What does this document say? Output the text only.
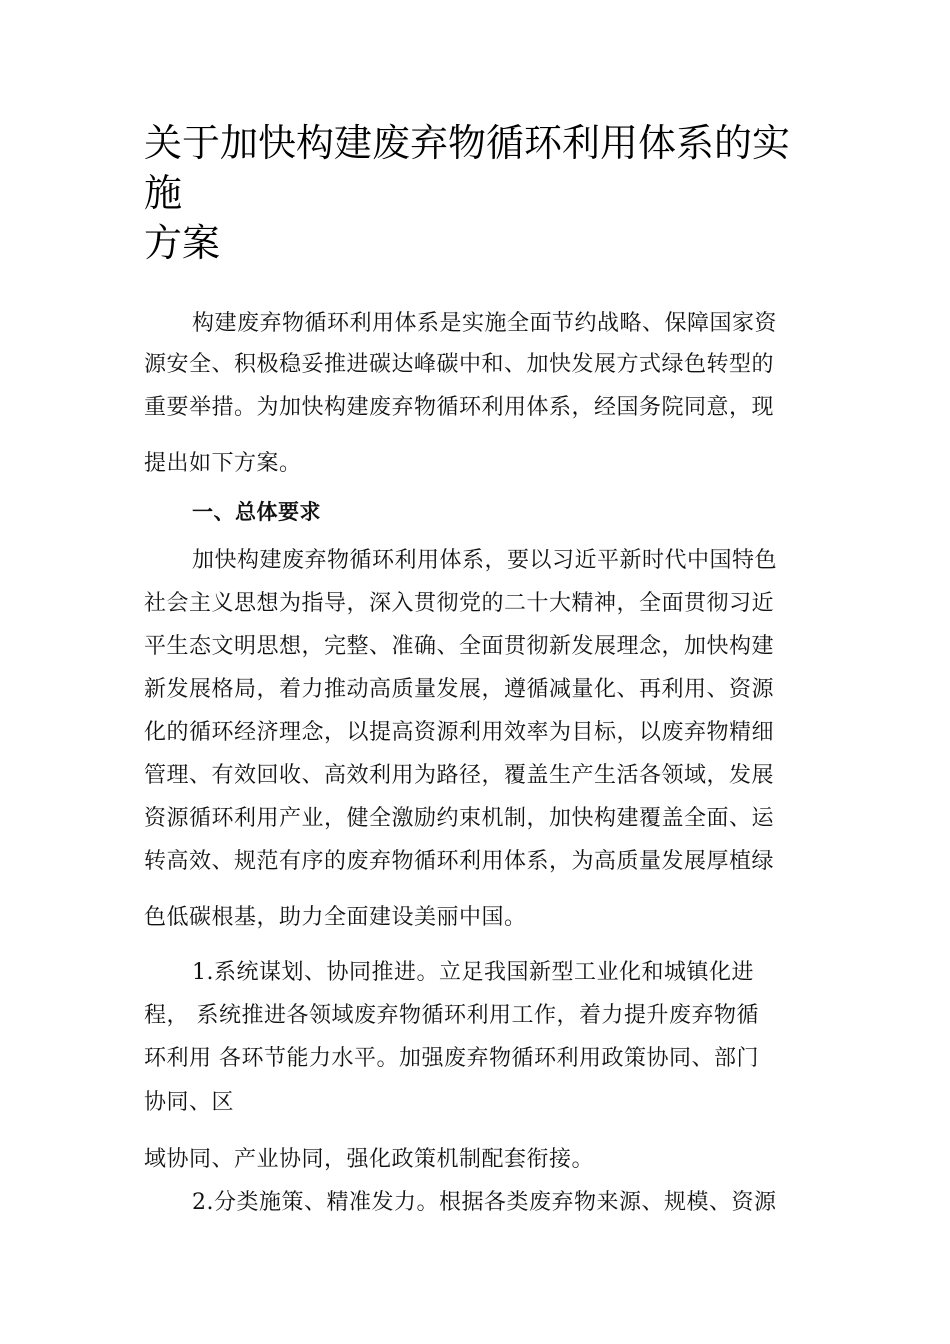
关于加快构建废弃物循环利用体系的实施
方案
构建废弃物循环利用体系是实施全面节约战略、保障国家资
源安全、积极稳妥推进碳达峰碳中和、加快发展方式绿色转型的
重要举措。为加快构建废弃物循环利用体系，经国务院同意，现
提出如下方案。
一、总体要求
加快构建废弃物循环利用体系，要以习近平新时代中国特色
社会主义思想为指导，深入贯彻党的二十大精神，全面贯彻习近
平生态文明思想，完整、准确、全面贯彻新发展理念，加快构建
新发展格局，着力推动高质量发展，遵循减量化、再利用、资源
化的循环经济理念，以提高资源利用效率为目标，以废弃物精细
管理、有效回收、高效利用为路径，覆盖生产生活各领域，发展
资源循环利用产业，健全激励约束机制，加快构建覆盖全面、运
转高效、规范有序的废弃物循环利用体系，为高质量发展厚植绿
色低碳根基，助力全面建设美丽中国。
1.系统谋划、协同推进。立足我国新型工业化和城镇化进
程， 系统推进各领域废弃物循环利用工作，着力提升废弃物循
环利用 各环节能力水平。加强废弃物循环利用政策协同、部门
协同、区
域协同、产业协同，强化政策机制配套衔接。
2.分类施策、精准发力。根据各类废弃物来源、规模、资源
